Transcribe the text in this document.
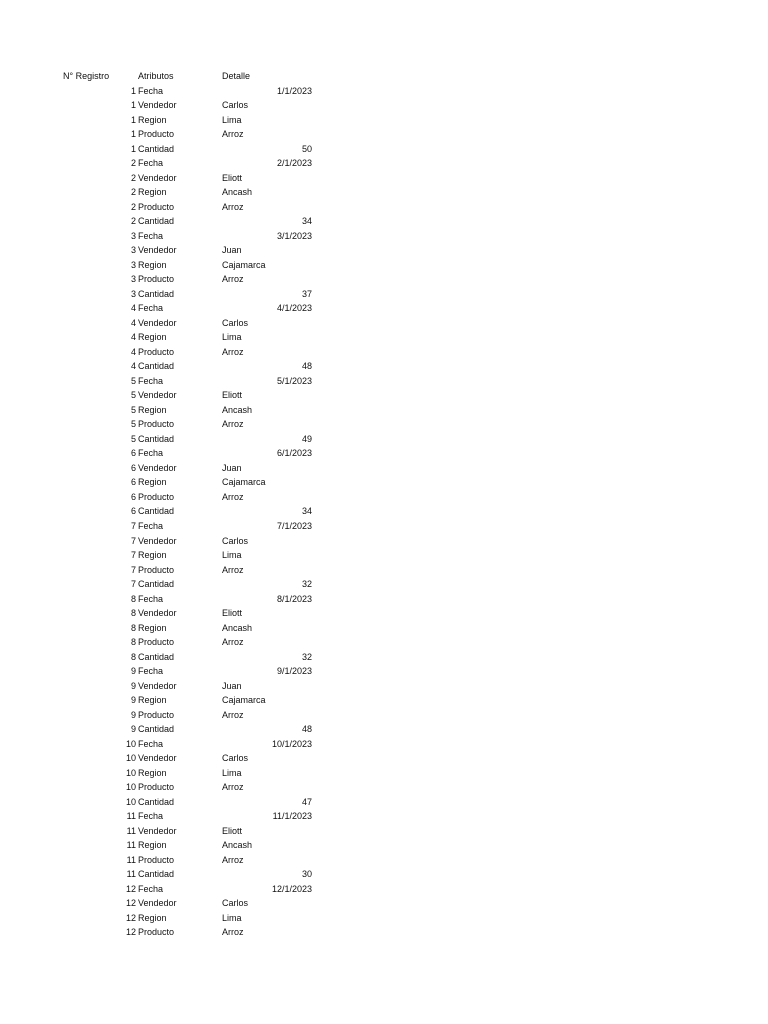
N° Registro	Atributos	Detalle
1 Fecha	1/1/2023
1 Vendedor	Carlos
1 Region	Lima
1 Producto	Arroz
1 Cantidad	50
2 Fecha	2/1/2023
2 Vendedor	Eliott
2 Region	Ancash
2 Producto	Arroz
2 Cantidad	34
3 Fecha	3/1/2023
3 Vendedor	Juan
3 Region	Cajamarca
3 Producto	Arroz
3 Cantidad	37
4 Fecha	4/1/2023
4 Vendedor	Carlos
4 Region	Lima
4 Producto	Arroz
4 Cantidad	48
5 Fecha	5/1/2023
5 Vendedor	Eliott
5 Region	Ancash
5 Producto	Arroz
5 Cantidad	49
6 Fecha	6/1/2023
6 Vendedor	Juan
6 Region	Cajamarca
6 Producto	Arroz
6 Cantidad	34
7 Fecha	7/1/2023
7 Vendedor	Carlos
7 Region	Lima
7 Producto	Arroz
7 Cantidad	32
8 Fecha	8/1/2023
8 Vendedor	Eliott
8 Region	Ancash
8 Producto	Arroz
8 Cantidad	32
9 Fecha	9/1/2023
9 Vendedor	Juan
9 Region	Cajamarca
9 Producto	Arroz
9 Cantidad	48
10 Fecha	10/1/2023
10 Vendedor	Carlos
10 Region	Lima
10 Producto	Arroz
10 Cantidad	47
11 Fecha	11/1/2023
11 Vendedor	Eliott
11 Region	Ancash
11 Producto	Arroz
11 Cantidad	30
12 Fecha	12/1/2023
12 Vendedor	Carlos
12 Region	Lima
12 Producto	Arroz
